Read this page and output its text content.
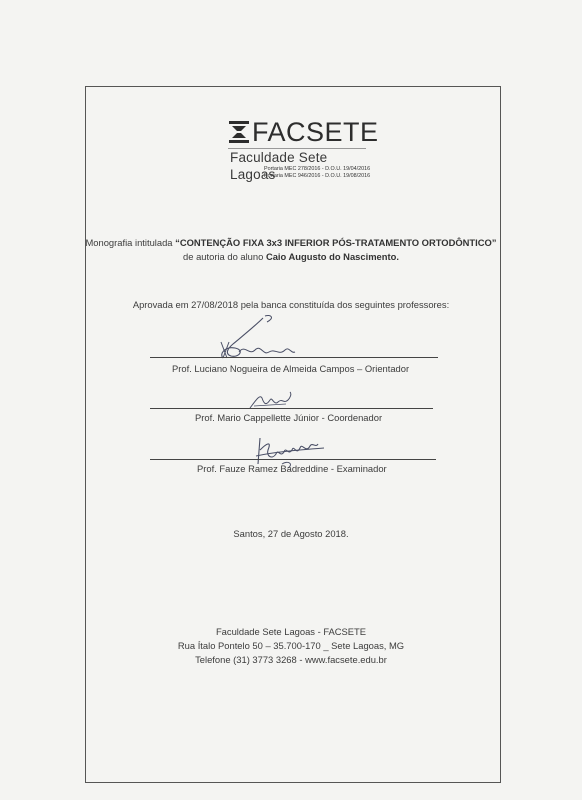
FACSETE
Faculdade Sete Lagoas
Portaria MEC 278/2016 - D.O.U. 19/04/2016
Portaria MEC 946/2016 - D.O.U. 19/08/2016
Monografia intitulada “CONTENÇÃO FIXA 3x3 INFERIOR PÓS-TRATAMENTO ORTODÔNTICO”
de autoria do aluno Caio Augusto do Nascimento.
Aprovada em 27/08/2018 pela banca constituída dos seguintes professores:
Prof. Luciano Nogueira de Almeida Campos – Orientador
Prof. Mario Cappellette Júnior - Coordenador
Prof. Fauze Ramez Badreddine - Examinador
Santos, 27 de Agosto 2018.
Faculdade Sete Lagoas - FACSETE
Rua Ítalo Pontelo 50 – 35.700-170 _ Sete Lagoas, MG
Telefone (31) 3773 3268 - www.facsete.edu.br
